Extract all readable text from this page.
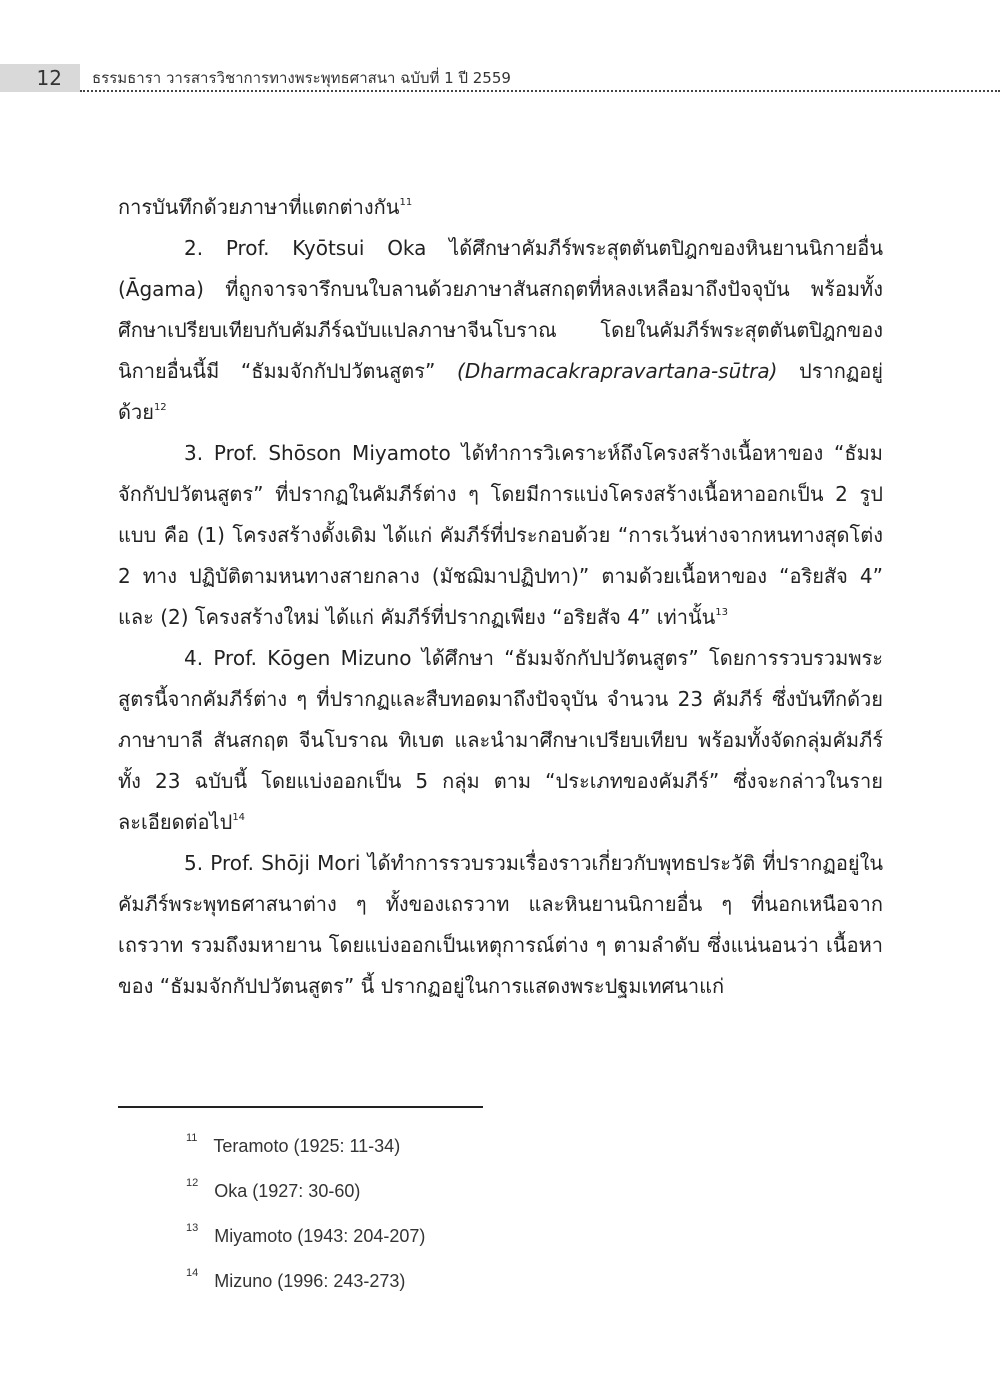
12	ธรรมธารา วารสารวิชาการทางพระพุทธศาสนา ฉบับที่ 1 ปี 2559

การบันทึกด้วยภาษาที่แตกต่างกัน$^{11}$

2. Prof. Kyōtsui Oka ได้ศึกษาคัมภีร์พระสุตตันตปิฎกของหินยานนิกายอื่น (Āgama) ที่ถูกจารจารึกบนใบลานด้วยภาษาสันสกฤตที่หลงเหลือมาถึงปัจจุบัน พร้อมทั้งศึกษาเปรียบเทียบกับคัมภีร์ฉบับแปลภาษาจีนโบราณ โดยในคัมภีร์พระสุตตันตปิฎกของนิกายอื่นนี้มี “ธัมมจักกัปปวัตนสูตร” (Dharmacakrapravartana-sūtra) ปรากฏอยู่ด้วย$^{12}$

3. Prof. Shōson Miyamoto ได้ทำการวิเคราะห์ถึงโครงสร้างเนื้อหาของ “ธัมมจักกัปปวัตนสูตร” ที่ปรากฏในคัมภีร์ต่าง ๆ โดยมีการแบ่งโครงสร้างเนื้อหาออกเป็น 2 รูปแบบ คือ (1) โครงสร้างดั้งเดิม ได้แก่ คัมภีร์ที่ประกอบด้วย “การเว้นห่างจากหนทางสุดโต่ง 2 ทาง ปฏิบัติตามหนทางสายกลาง (มัชฌิมาปฏิปทา)” ตามด้วยเนื้อหาของ “อริยสัจ 4” และ (2) โครงสร้างใหม่ ได้แก่ คัมภีร์ที่ปรากฏเพียง “อริยสัจ 4” เท่านั้น$^{13}$

4. Prof. Kōgen Mizuno ได้ศึกษา “ธัมมจักกัปปวัตนสูตร” โดยการรวบรวมพระสูตรนี้จากคัมภีร์ต่าง ๆ ที่ปรากฏและสืบทอดมาถึงปัจจุบัน จำนวน 23 คัมภีร์ ซึ่งบันทึกด้วยภาษาบาลี สันสกฤต จีนโบราณ ทิเบต และนำมาศึกษาเปรียบเทียบ พร้อมทั้งจัดกลุ่มคัมภีร์ทั้ง 23 ฉบับนี้ โดยแบ่งออกเป็น 5 กลุ่ม ตาม “ประเภทของคัมภีร์” ซึ่งจะกล่าวในรายละเอียดต่อไป$^{14}$

5. Prof. Shōji Mori ได้ทำการรวบรวมเรื่องราวเกี่ยวกับพุทธประวัติ ที่ปรากฏอยู่ในคัมภีร์พระพุทธศาสนาต่าง ๆ ทั้งของเถรวาท และหินยานนิกายอื่น ๆ ที่นอกเหนือจากเถรวาท รวมถึงมหายาน โดยแบ่งออกเป็นเหตุการณ์ต่าง ๆ ตามลำดับ ซึ่งแน่นอนว่า เนื้อหาของ “ธัมมจักกัปปวัตนสูตร” นี้ ปรากฏอยู่ในการแสดงพระปฐมเทศนาแก่

$^{11}$ Teramoto (1925: 11-34)
$^{12}$ Oka (1927: 30-60)
$^{13}$ Miyamoto (1943: 204-207)
$^{14}$ Mizuno (1996: 243-273)
